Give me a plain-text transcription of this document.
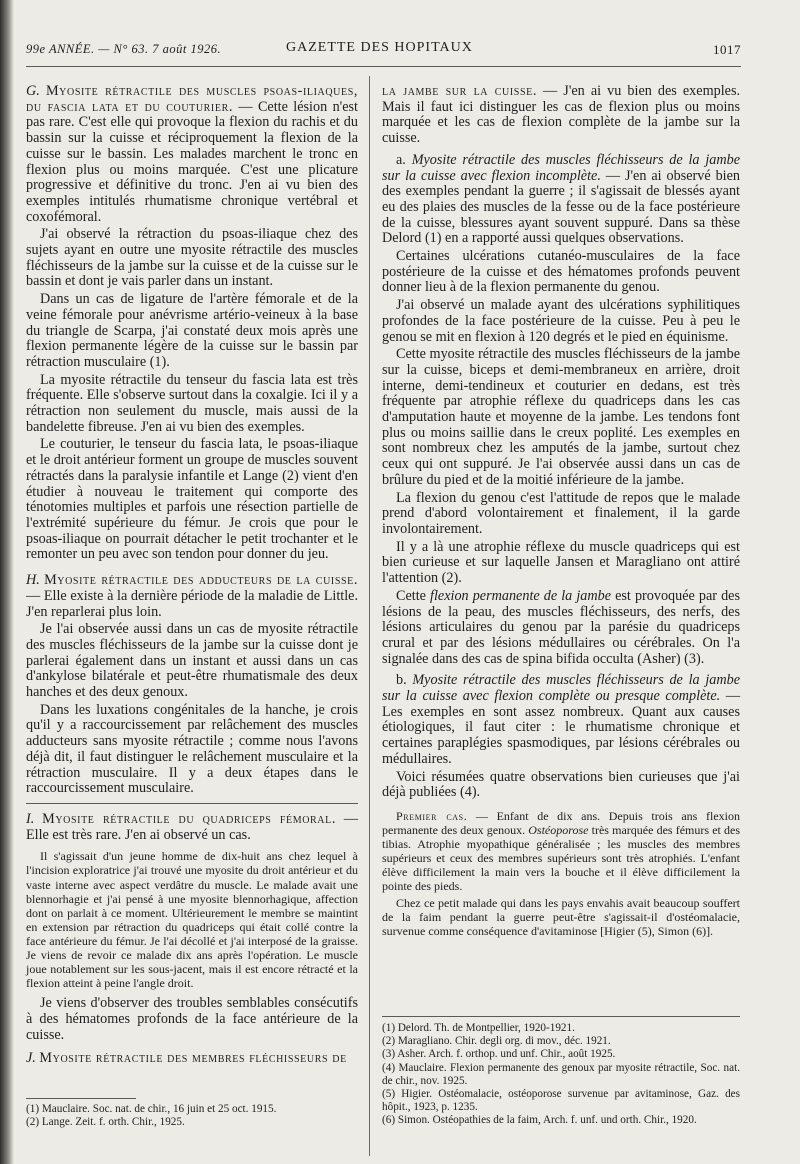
99e ANNÉE. — N° 63. 7 août 1926.	GAZETTE DES HOPITAUX	1017

G. Myosite rétractile des muscles psoas-iliaques, du fascia lata et du couturier. — Cette lésion n'est pas rare. C'est elle qui provoque la flexion du rachis et du bassin sur la cuisse et réciproquement la flexion de la cuisse sur le bassin. Les malades marchent le tronc en flexion plus ou moins marquée. C'est une plicature progressive et définitive du tronc. J'en ai vu bien des exemples intitulés rhumatisme chronique vertébral et coxofémoral.

J'ai observé la rétraction du psoas-iliaque chez des sujets ayant en outre une myosite rétractile des muscles fléchisseurs de la jambe sur la cuisse et de la cuisse sur le bassin et dont je vais parler dans un instant.

Dans un cas de ligature de l'artère fémorale et de la veine fémorale pour anévrisme artério-veineux à la base du triangle de Scarpa, j'ai constaté deux mois après une flexion permanente légère de la cuisse sur le bassin par rétraction musculaire (1).

La myosite rétractile du tenseur du fascia lata est très fréquente. Elle s'observe surtout dans la coxalgie. Ici il y a rétraction non seulement du muscle, mais aussi de la bandelette fibreuse. J'en ai vu bien des exemples.

Le couturier, le tenseur du fascia lata, le psoas-iliaque et le droit antérieur forment un groupe de muscles souvent rétractés dans la paralysie infantile et Lange (2) vient d'en étudier à nouveau le traitement qui comporte des ténotomies multiples et parfois une résection partielle de l'extrémité supérieure du fémur. Je crois que pour le psoas-iliaque on pourrait détacher le petit trochanter et le remonter un peu avec son tendon pour donner du jeu.

H. Myosite rétractile des adducteurs de la cuisse. — Elle existe à la dernière période de la maladie de Little. J'en reparlerai plus loin.

Je l'ai observée aussi dans un cas de myosite rétractile des muscles fléchisseurs de la jambe sur la cuisse dont je parlerai également dans un instant et aussi dans un cas d'ankylose bilatérale et peut-être rhumatismale des deux hanches et des deux genoux.

Dans les luxations congénitales de la hanche, je crois qu'il y a raccourcissement par relâchement des muscles adducteurs sans myosite rétractile ; comme nous l'avons déjà dit, il faut distinguer le relâchement musculaire et la rétraction musculaire. Il y a deux étapes dans le raccourcissement musculaire.

I. Myosite rétractile du quadriceps fémoral. — Elle est très rare. J'en ai observé un cas.

Il s'agissait d'un jeune homme de dix-huit ans chez lequel à l'incision exploratrice j'ai trouvé une myosite du droit antérieur et du vaste interne avec aspect verdâtre du muscle. Le malade avait une blennorhagie et j'ai pensé à une myosite blennorhagique, affection dont on parlait à ce moment. Ultérieurement le membre se maintint en extension par rétraction du quadriceps qui était collé contre la face antérieure du fémur. Je l'ai décollé et j'ai interposé de la graisse. Je viens de revoir ce malade dix ans après l'opération. Le muscle joue notablement sur les sous-jacent, mais il est encore rétracté et la flexion atteint à peine l'angle droit.

Je viens d'observer des troubles semblables consécutifs à des hématomes profonds de la face antérieure de la cuisse.

J. Myosite rétractile des membres fléchisseurs de

(1) Mauclaire. Soc. nat. de chir., 16 juin et 25 oct. 1915.

(2) Lange. Zeit. f. orth. Chir., 1925.

la jambe sur la cuisse. — J'en ai vu bien des exemples. Mais il faut ici distinguer les cas de flexion plus ou moins marquée et les cas de flexion complète de la jambe sur la cuisse.

a. Myosite rétractile des muscles fléchisseurs de la jambe sur la cuisse avec flexion incomplète. — J'en ai observé bien des exemples pendant la guerre ; il s'agissait de blessés ayant eu des plaies des muscles de la fesse ou de la face postérieure de la cuisse, blessures ayant souvent suppuré. Dans sa thèse Delord (1) en a rapporté aussi quelques observations.

Certaines ulcérations cutanéo-musculaires de la face postérieure de la cuisse et des hématomes profonds peuvent donner lieu à de la flexion permanente du genou.

J'ai observé un malade ayant des ulcérations syphilitiques profondes de la face postérieure de la cuisse. Peu à peu le genou se mit en flexion à 120 degrés et le pied en équinisme.

Cette myosite rétractile des muscles fléchisseurs de la jambe sur la cuisse, biceps et demi-membraneux en arrière, droit interne, demi-tendineux et couturier en dedans, est très fréquente par atrophie réflexe du quadriceps dans les cas d'amputation haute et moyenne de la jambe. Les tendons font plus ou moins saillie dans le creux poplité. Les exemples en sont nombreux chez les amputés de la jambe, surtout chez ceux qui ont suppuré. Je l'ai observée aussi dans un cas de brûlure du pied et de la moitié inférieure de la jambe.

La flexion du genou c'est l'attitude de repos que le malade prend d'abord volontairement et finalement, il la garde involontairement.

Il y a là une atrophie réflexe du muscle quadriceps qui est bien curieuse et sur laquelle Jansen et Maragliano ont attiré l'attention (2).

Cette flexion permanente de la jambe est provoquée par des lésions de la peau, des muscles fléchisseurs, des nerfs, des lésions articulaires du genou par la parésie du quadriceps crural et par des lésions médullaires ou cérébrales. On l'a signalée dans des cas de spina bifida occulta (Asher) (3).

b. Myosite rétractile des muscles fléchisseurs de la jambe sur la cuisse avec flexion complète ou presque complète. — Les exemples en sont assez nombreux. Quant aux causes étiologiques, il faut citer : le rhumatisme chronique et certaines paraplégies spasmodiques, par lésions cérébrales ou médullaires.

Voici résumées quatre observations bien curieuses que j'ai déjà publiées (4).

Premier cas. — Enfant de dix ans. Depuis trois ans flexion permanente des deux genoux. Ostéoporose très marquée des fémurs et des tibias. Atrophie myopathique généralisée ; les muscles des membres supérieurs et ceux des membres supérieurs sont très atrophiés. L'enfant élève difficilement la main vers la bouche et il élève difficilement la pointe des pieds.

Chez ce petit malade qui dans les pays envahis avait beaucoup souffert de la faim pendant la guerre peut-être s'agissait-il d'ostéomalacie, survenue comme conséquence d'avitaminose [Higier (5), Simon (6)].

(1) Delord. Th. de Montpellier, 1920-1921.

(2) Maragliano. Chir. degli org. di mov., déc. 1921.

(3) Asher. Arch. f. orthop. und unf. Chir., août 1925.

(4) Mauclaire. Flexion permanente des genoux par myosite rétractile, Soc. nat. de chir., nov. 1925.

(5) Higier. Ostéomalacie, ostéoporose survenue par avitaminose, Gaz. des hôpit., 1923, p. 1235.

(6) Simon. Ostéopathies de la faim, Arch. f. unf. und orth. Chir., 1920.
